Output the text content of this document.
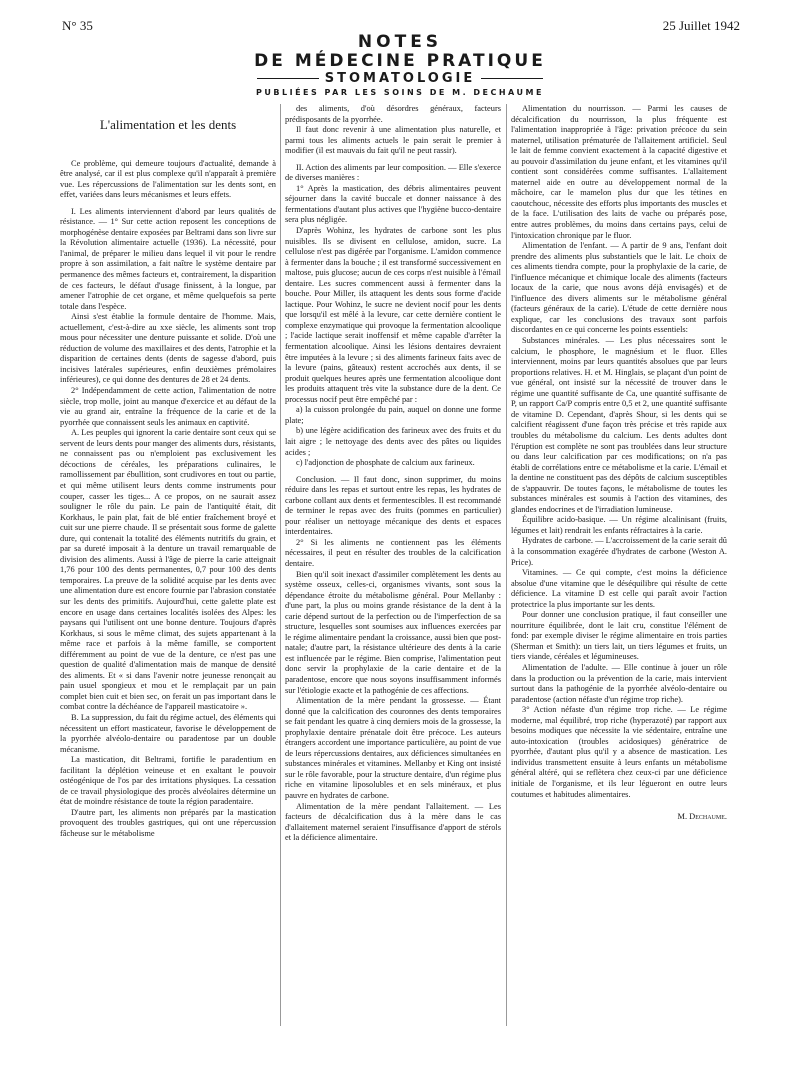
N° 35	25 Juillet 1942
NOTES
DE MÉDECINE PRATIQUE
STOMATOLOGIE
PUBLIÉES PAR LES SOINS DE M. DECHAUME
L'alimentation et les dents

Ce problème, qui demeure toujours d'actualité, demande à être analysé, car il est plus complexe qu'il n'apparaît à première vue. Les répercussions de l'alimentation sur les dents sont, en effet, variées dans leurs mécanismes et leurs effets.

I. Les aliments interviennent d'abord par leurs qualités de résistance. — 1° Sur cette action reposent les conceptions de morphogénèse dentaire exposées par Beltrami dans son livre sur la Révolution alimentaire actuelle (1936). La nécessité, pour l'animal, de préparer le milieu dans lequel il vit pour le rendre propre à son assimilation, a fait naître le système dentaire par permanence des mêmes facteurs et, contrairement, la disparition de ces facteurs, le défaut d'usage finissent, à la longue, par amener l'atrophie de cet organe, et même quelquefois sa perte totale dans l'espèce.

Ainsi s'est établie la formule dentaire de l'homme. Mais, actuellement, c'est-à-dire au xxe siècle, les aliments sont trop mous pour nécessiter une denture puissante et solide. D'où une réduction de volume des maxillaires et des dents, l'atrophie et la disparition de certaines dents (dents de sagesse d'abord, puis incisives latérales supérieures, enfin deuxièmes prémolaires inférieures), ce qui donne des dentures de 28 et 24 dents.

2° Indépendamment de cette action, l'alimentation de notre siècle, trop molle, joint au manque d'exercice et au défaut de la vie au grand air, entraîne la fréquence de la carie et de la pyorrhée que connaissent seuls les animaux en captivité.

A. Les peuples qui ignorent la carie dentaire sont ceux qui se servent de leurs dents pour manger des aliments durs, résistants, ne connaissent pas ou n'emploient pas exclusivement les décoctions de céréales, les préparations culinaires, le ramollissement par ébullition, sont crudivores en tout ou partie, et qui même utilisent leurs dents comme instruments pour couper, casser les tiges... A ce propos, on ne saurait assez souligner le rôle du pain. Le pain de l'antiquité était, dit Korkhaus, le pain plat, fait de blé entier fraîchement broyé et cuit sur une pierre chaude. Il se présentait sous forme de galette dure, qui contenait la totalité des éléments nutritifs du grain, et par sa dureté imposait à la denture un travail remarquable de division des aliments. Aussi à l'âge de pierre la carie atteignait 1,76 pour 100 des dents permanentes, 0,7 pour 100 des dents temporaires. La preuve de la solidité acquise par les dents avec une alimentation dure est encore fournie par l'abrasion constatée sur les dents des primitifs. Aujourd'hui, cette galette plate est encore en usage dans certaines localités isolées des Alpes: les paysans qui l'utilisent ont une bonne denture. Toujours d'après Korkhaus, si sous le même climat, des sujets appartenant à la même race et parfois à la même famille, se comportent différemment au point de vue de la denture, ce n'est pas une question de qualité d'alimentation mais de manque de densité des aliments. Et « si dans l'avenir notre jeunesse renonçait au pain usuel spongieux et mou et le remplaçait par un pain complet bien cuit et bien sec, on ferait un pas important dans le combat contre la déchéance de l'appareil masticatoire ».

B. La suppression, du fait du régime actuel, des éléments qui nécessitent un effort masticateur, favorise le développement de la pyorrhée alvéolo-dentaire ou paradentose par un double mécanisme.

La mastication, dit Beltrami, fortifie le paradentium en facilitant la déplétion veineuse et en exaltant le pouvoir ostéogénique de l'os par des irritations physiques. La cessation de ce travail physiologique des procès alvéolaires détermine un état de moindre résistance de toute la région paradentaire.

D'autre part, les aliments non préparés par la mastication provoquent des troubles gastriques, qui ont une répercussion fâcheuse sur le métabolisme

des aliments, d'où désordres généraux, facteurs prédisposants de la pyorrhée.

Il faut donc revenir à une alimentation plus naturelle, et parmi tous les aliments actuels le pain serait le premier à modifier (il est mauvais du fait qu'il ne peut rassir).

II. Action des aliments par leur composition. — Elle s'exerce de diverses manières :

1° Après la mastication, des débris alimentaires peuvent séjourner dans la cavité buccale et donner naissance à des fermentations d'autant plus actives que l'hygiène bucco-dentaire sera plus négligée.

D'après Wohinz, les hydrates de carbone sont les plus nuisibles. Ils se divisent en cellulose, amidon, sucre. La cellulose n'est pas digérée par l'organisme. L'amidon commence à fermenter dans la bouche ; il est transformé successivement en maltose, puis glucose; aucun de ces corps n'est nuisible à l'émail dentaire. Les sucres commencent aussi à fermenter dans la bouche. Pour Miller, ils attaquent les dents sous forme d'acide lactique. Pour Wohinz, le sucre ne devient nocif pour les dents que lorsqu'il est mêlé à la levure, car cette dernière contient le complexe enzymatique qui provoque la fermentation alcoolique ; l'acide lactique serait inoffensif et même capable d'arrêter la fermentation alcoolique. Ainsi les lésions dentaires devraient être imputées à la levure ; si des aliments farineux faits avec de la levure (pains, gâteaux) restent accrochés aux dents, il se produit quelques heures après une fermentation alcoolique dont les produits attaquent très vite la substance dure de la dent. Ce processus nocif peut être empêché par :

a) la cuisson prolongée du pain, auquel on donne une forme plate;

b) une légère acidification des farineux avec des fruits et du lait aigre ; le nettoyage des dents avec des pâtes ou liquides acides ;

c) l'adjonction de phosphate de calcium aux farineux.

Conclusion. — Il faut donc, sinon supprimer, du moins réduire dans les repas et surtout entre les repas, les hydrates de carbone collant aux dents et fermentescibles. Il est recommandé de terminer le repas avec des fruits (pommes en particulier) pour réaliser un nettoyage mécanique des dents et espaces interdentaires.

2° Si les aliments ne contiennent pas les éléments nécessaires, il peut en résulter des troubles de la calcification dentaire.

Bien qu'il soit inexact d'assimiler complètement les dents au système osseux, celles-ci, organismes vivants, sont sous la dépendance étroite du métabolisme général. Pour Mellanby : d'une part, la plus ou moins grande résistance de la dent à la carie dépend surtout de la perfection ou de l'imperfection de sa structure, lesquelles sont soumises aux influences exercées par le régime alimentaire pendant la croissance, aussi bien que post-natale; d'autre part, la résistance ultérieure des dents à la carie est influencée par le régime. Bien comprise, l'alimentation peut donc servir la prophylaxie de la carie dentaire et de la paradentose, encore que nous soyons insuffisamment informés sur l'étiologie exacte et la pathogénie de ces affections.

Alimentation de la mère pendant la grossesse. — Étant donné que la calcification des couronnes des dents temporaires se fait pendant les quatre à cinq derniers mois de la grossesse, la prophylaxie dentaire prénatale doit être précoce. Les auteurs étrangers accordent une importance particulière, au point de vue de leurs répercussions dentaires, aux déficiences simultanées en substances minérales et vitamines. Mellanby et King ont insisté sur le rôle favorable, pour la structure dentaire, d'un régime plus riche en vitamine liposolubles et en sels minéraux, et plus pauvre en hydrates de carbone.

Alimentation de la mère pendant l'allaitement. — Les facteurs de décalcification dus à la mère dans le cas d'allaitement maternel seraient l'insuffisance d'apport de stérols et la déficience alimentaire.

Alimentation du nourrisson. — Parmi les causes de décalcification du nourrisson, la plus fréquente est l'alimentation inappropriée à l'âge: privation précoce du sein maternel, utilisation prématurée de l'allaitement artificiel. Seul le lait de femme convient exactement à la capacité digestive et au pouvoir d'assimilation du jeune enfant, et les vitamines qu'il contient sont considérées comme suffisantes. L'allaitement maternel aide en outre au développement normal de la mâchoire, car le mamelon plus dur que les tétines en caoutchouc, nécessite des efforts plus importants des muscles et de la face. L'utilisation des laits de vache ou préparés pose, entre autres problèmes, du moins dans certains pays, celui de l'intoxication chronique par le fluor.

Alimentation de l'enfant. — A partir de 9 ans, l'enfant doit prendre des aliments plus substantiels que le lait. Le choix de ces aliments tiendra compte, pour la prophylaxie de la carie, de l'influence mécanique et chimique locale des aliments (facteurs locaux de la carie, que nous avons déjà envisagés) et de l'influence des divers aliments sur le métabolisme général (facteurs généraux de la carie). L'étude de cette dernière nous explique, car les conclusions des travaux sont parfois discordantes en ce qui concerne les points essentiels:

Substances minérales. — Les plus nécessaires sont le calcium, le phosphore, le magnésium et le fluor. Elles interviennent, moins par leurs quantités absolues que par leurs proportions relatives. H. et M. Hinglais, se plaçant d'un point de vue général, ont insisté sur la nécessité de trouver dans le régime une quantité suffisante de Ca, une quantité suffisante de P, un rapport Ca/P compris entre 0,5 et 2, une quantité suffisante de vitamine D. Cependant, d'après Shour, si les dents qui se calcifient réagissent d'une façon très précise et très rapide aux troubles du métabolisme du calcium. Les dents adultes dont l'éruption est complète ne sont pas troublées dans leur structure ou dans leur calcification par ces modifications; on n'a pas établi de corrélations entre ce métabolisme et la carie. L'émail et la dentine ne constituent pas des dépôts de calcium susceptibles de s'appauvrir. De toutes façons, le métabolisme de toutes les substances minérales est soumis à l'action des vitamines, des glandes endocrines et de l'irradiation lumineuse.

Équilibre acido-basique. — Un régime alcalinisant (fruits, légumes et lait) rendrait les enfants réfractaires à la carie.

Hydrates de carbone. — L'accroissement de la carie serait dû à la consommation exagérée d'hydrates de carbone (Weston A. Price).

Vitamines. — Ce qui compte, c'est moins la déficience absolue d'une vitamine que le déséquilibre qui résulte de cette déficience. La vitamine D est celle qui paraît avoir l'action protectrice la plus importante sur les dents.

Pour donner une conclusion pratique, il faut conseiller une nourriture équilibrée, dont le lait cru, constitue l'élément de fond: par exemple diviser le régime alimentaire en trois parties (Sherman et Smith): un tiers lait, un tiers légumes et fruits, un tiers viande, céréales et légumineuses.

Alimentation de l'adulte. — Elle continue à jouer un rôle dans la production ou la prévention de la carie, mais intervient surtout dans la pathogénie de la pyorrhée alvéolo-dentaire ou paradentose (action néfaste d'un régime trop riche).

3° Action néfaste d'un régime trop riche. — Le régime moderne, mal équilibré, trop riche (hyperazoté) par rapport aux besoins modiques que nécessite la vie sédentaire, entraîne une auto-intoxication (troubles acidosiques) génératrice de pyorrhée, d'autant plus qu'il y a absence de mastication. Les individus transmettent ensuite à leurs enfants un métabolisme général altéré, qui se reflètera chez ceux-ci par une déficience initiale de l'organisme, et ils leur légueront en outre leurs coutumes et habitudes alimentaires.

M. Dechaume.
